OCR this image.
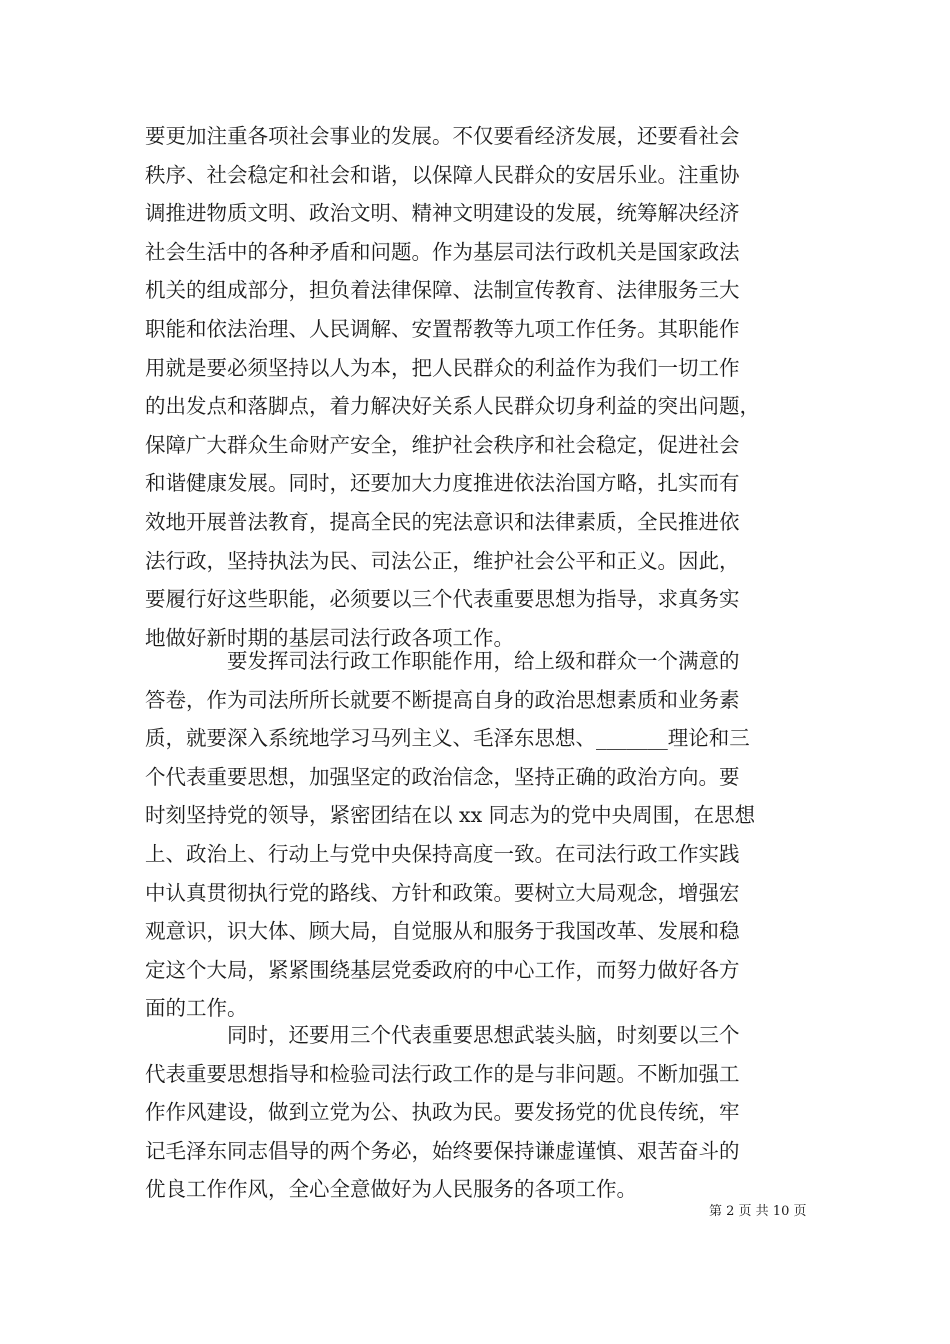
要更加注重各项社会事业的发展。不仅要看经济发展，还要看社会
秩序、社会稳定和社会和谐，以保障人民群众的安居乐业。注重协
调推进物质文明、政治文明、精神文明建设的发展，统筹解决经济
社会生活中的各种矛盾和问题。作为基层司法行政机关是国家政法
机关的组成部分，担负着法律保障、法制宣传教育、法律服务三大
职能和依法治理、人民调解、安置帮教等九项工作任务。其职能作
用就是要必须坚持以人为本，把人民群众的利益作为我们一切工作
的出发点和落脚点，着力解决好关系人民群众切身利益的突出问题，
保障广大群众生命财产安全，维护社会秩序和社会稳定，促进社会
和谐健康发展。同时，还要加大力度推进依法治国方略，扎实而有
效地开展普法教育，提高全民的宪法意识和法律素质，全民推进依
法行政，坚持执法为民、司法公正，维护社会公平和正义。因此，
要履行好这些职能，必须要以三个代表重要思想为指导，求真务实
地做好新时期的基层司法行政各项工作。
　　　　要发挥司法行政工作职能作用，给上级和群众一个满意的
答卷，作为司法所所长就要不断提高自身的政治思想素质和业务素
质，就要深入系统地学习马列主义、毛泽东思想、_______理论和三
个代表重要思想，加强坚定的政治信念，坚持正确的政治方向。要
时刻坚持党的领导，紧密团结在以 xx 同志为的党中央周围，在思想
上、政治上、行动上与党中央保持高度一致。在司法行政工作实践
中认真贯彻执行党的路线、方针和政策。要树立大局观念，增强宏
观意识，识大体、顾大局，自觉服从和服务于我国改革、发展和稳
定这个大局，紧紧围绕基层党委政府的中心工作，而努力做好各方
面的工作。
　　　　同时，还要用三个代表重要思想武装头脑，时刻要以三个
代表重要思想指导和检验司法行政工作的是与非问题。不断加强工
作作风建设，做到立党为公、执政为民。要发扬党的优良传统，牢
记毛泽东同志倡导的两个务必，始终要保持谦虚谨慎、艰苦奋斗的
优良工作作风，全心全意做好为人民服务的各项工作。
第 2 页 共 10 页
